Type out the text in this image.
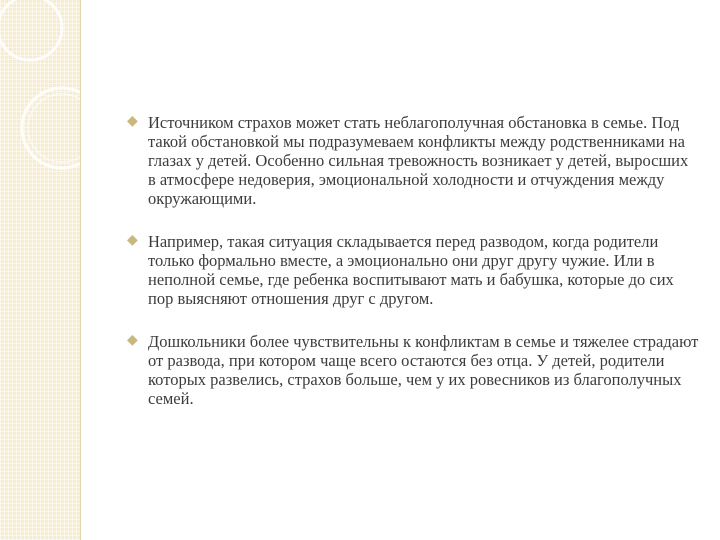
◆ Источником страхов может стать неблагополучная обстановка в семье. Под такой обстановкой мы подразумеваем конфликты между родственниками на глазах у детей. Особенно сильная тревожность возникает у детей, выросших в атмосфере недоверия, эмоциональной холодности и отчуждения между окружающими.
◆ Например, такая ситуация складывается перед разводом, когда родители только формально вместе, а эмоционально они друг другу чужие. Или в неполной семье, где ребенка воспитывают мать и бабушка, которые до сих пор выясняют отношения друг с другом.
◆ Дошкольники более чувствительны к конфликтам в семье и тяжелее страдают от развода, при котором чаще всего остаются без отца. У детей, родители которых развелись, страхов больше, чем у их ровесников из благополучных семей.
